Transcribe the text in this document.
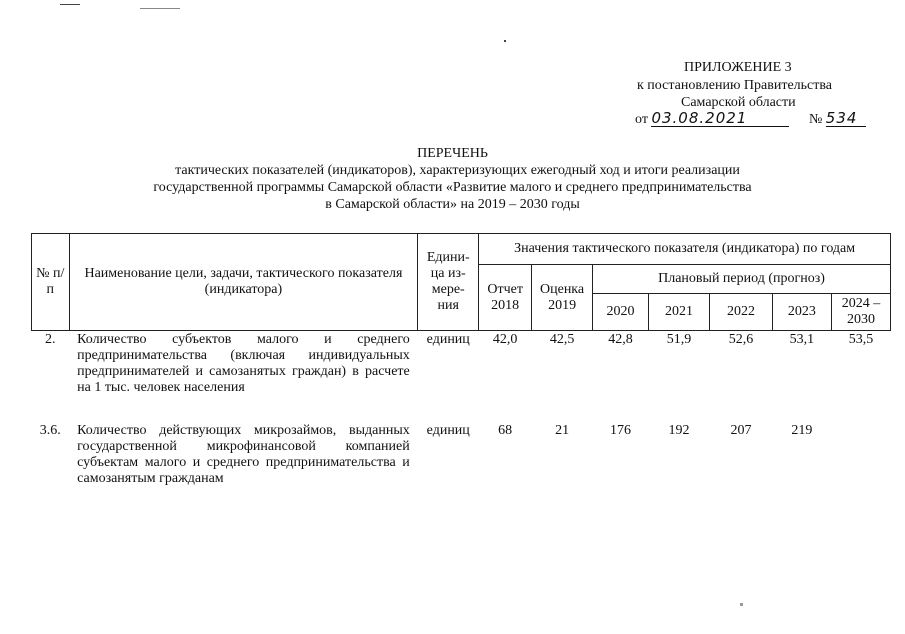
ПРИЛОЖЕНИЕ 3
к постановлению Правительства
Самарской области
от 03.08.2021	№ 534
ПЕРЕЧЕНЬ
тактических показателей (индикаторов), характеризующих ежегодный ход и итоги реализации
государственной программы Самарской области «Развитие малого и среднего предпринимательства
в Самарской области» на 2019 – 2030 годы
№ п/п	Наименование цели, задачи, тактического показателя (индикатора)	Едини-ца из-мере-ния	Значения тактического показателя (индикатора) по годам						
			Отчет 2018	Оценка 2019	Плановый период (прогноз)				
					2020	2021	2022	2023	2024 – 2030
2.	Количество субъектов малого и среднего предпринимательства (включая индивидуальных предпринимателей и самозанятых граждан) в расчете на 1 тыс. человек населения	единиц	42,0	42,5	42,8	51,9	52,6	53,1	53,5
3.6.	Количество действующих микрозаймов, выданных государственной микрофинансовой компанией субъектам малого и среднего предпринимательства и самозанятым гражданам	единиц	68	21	176	192	207	219	
